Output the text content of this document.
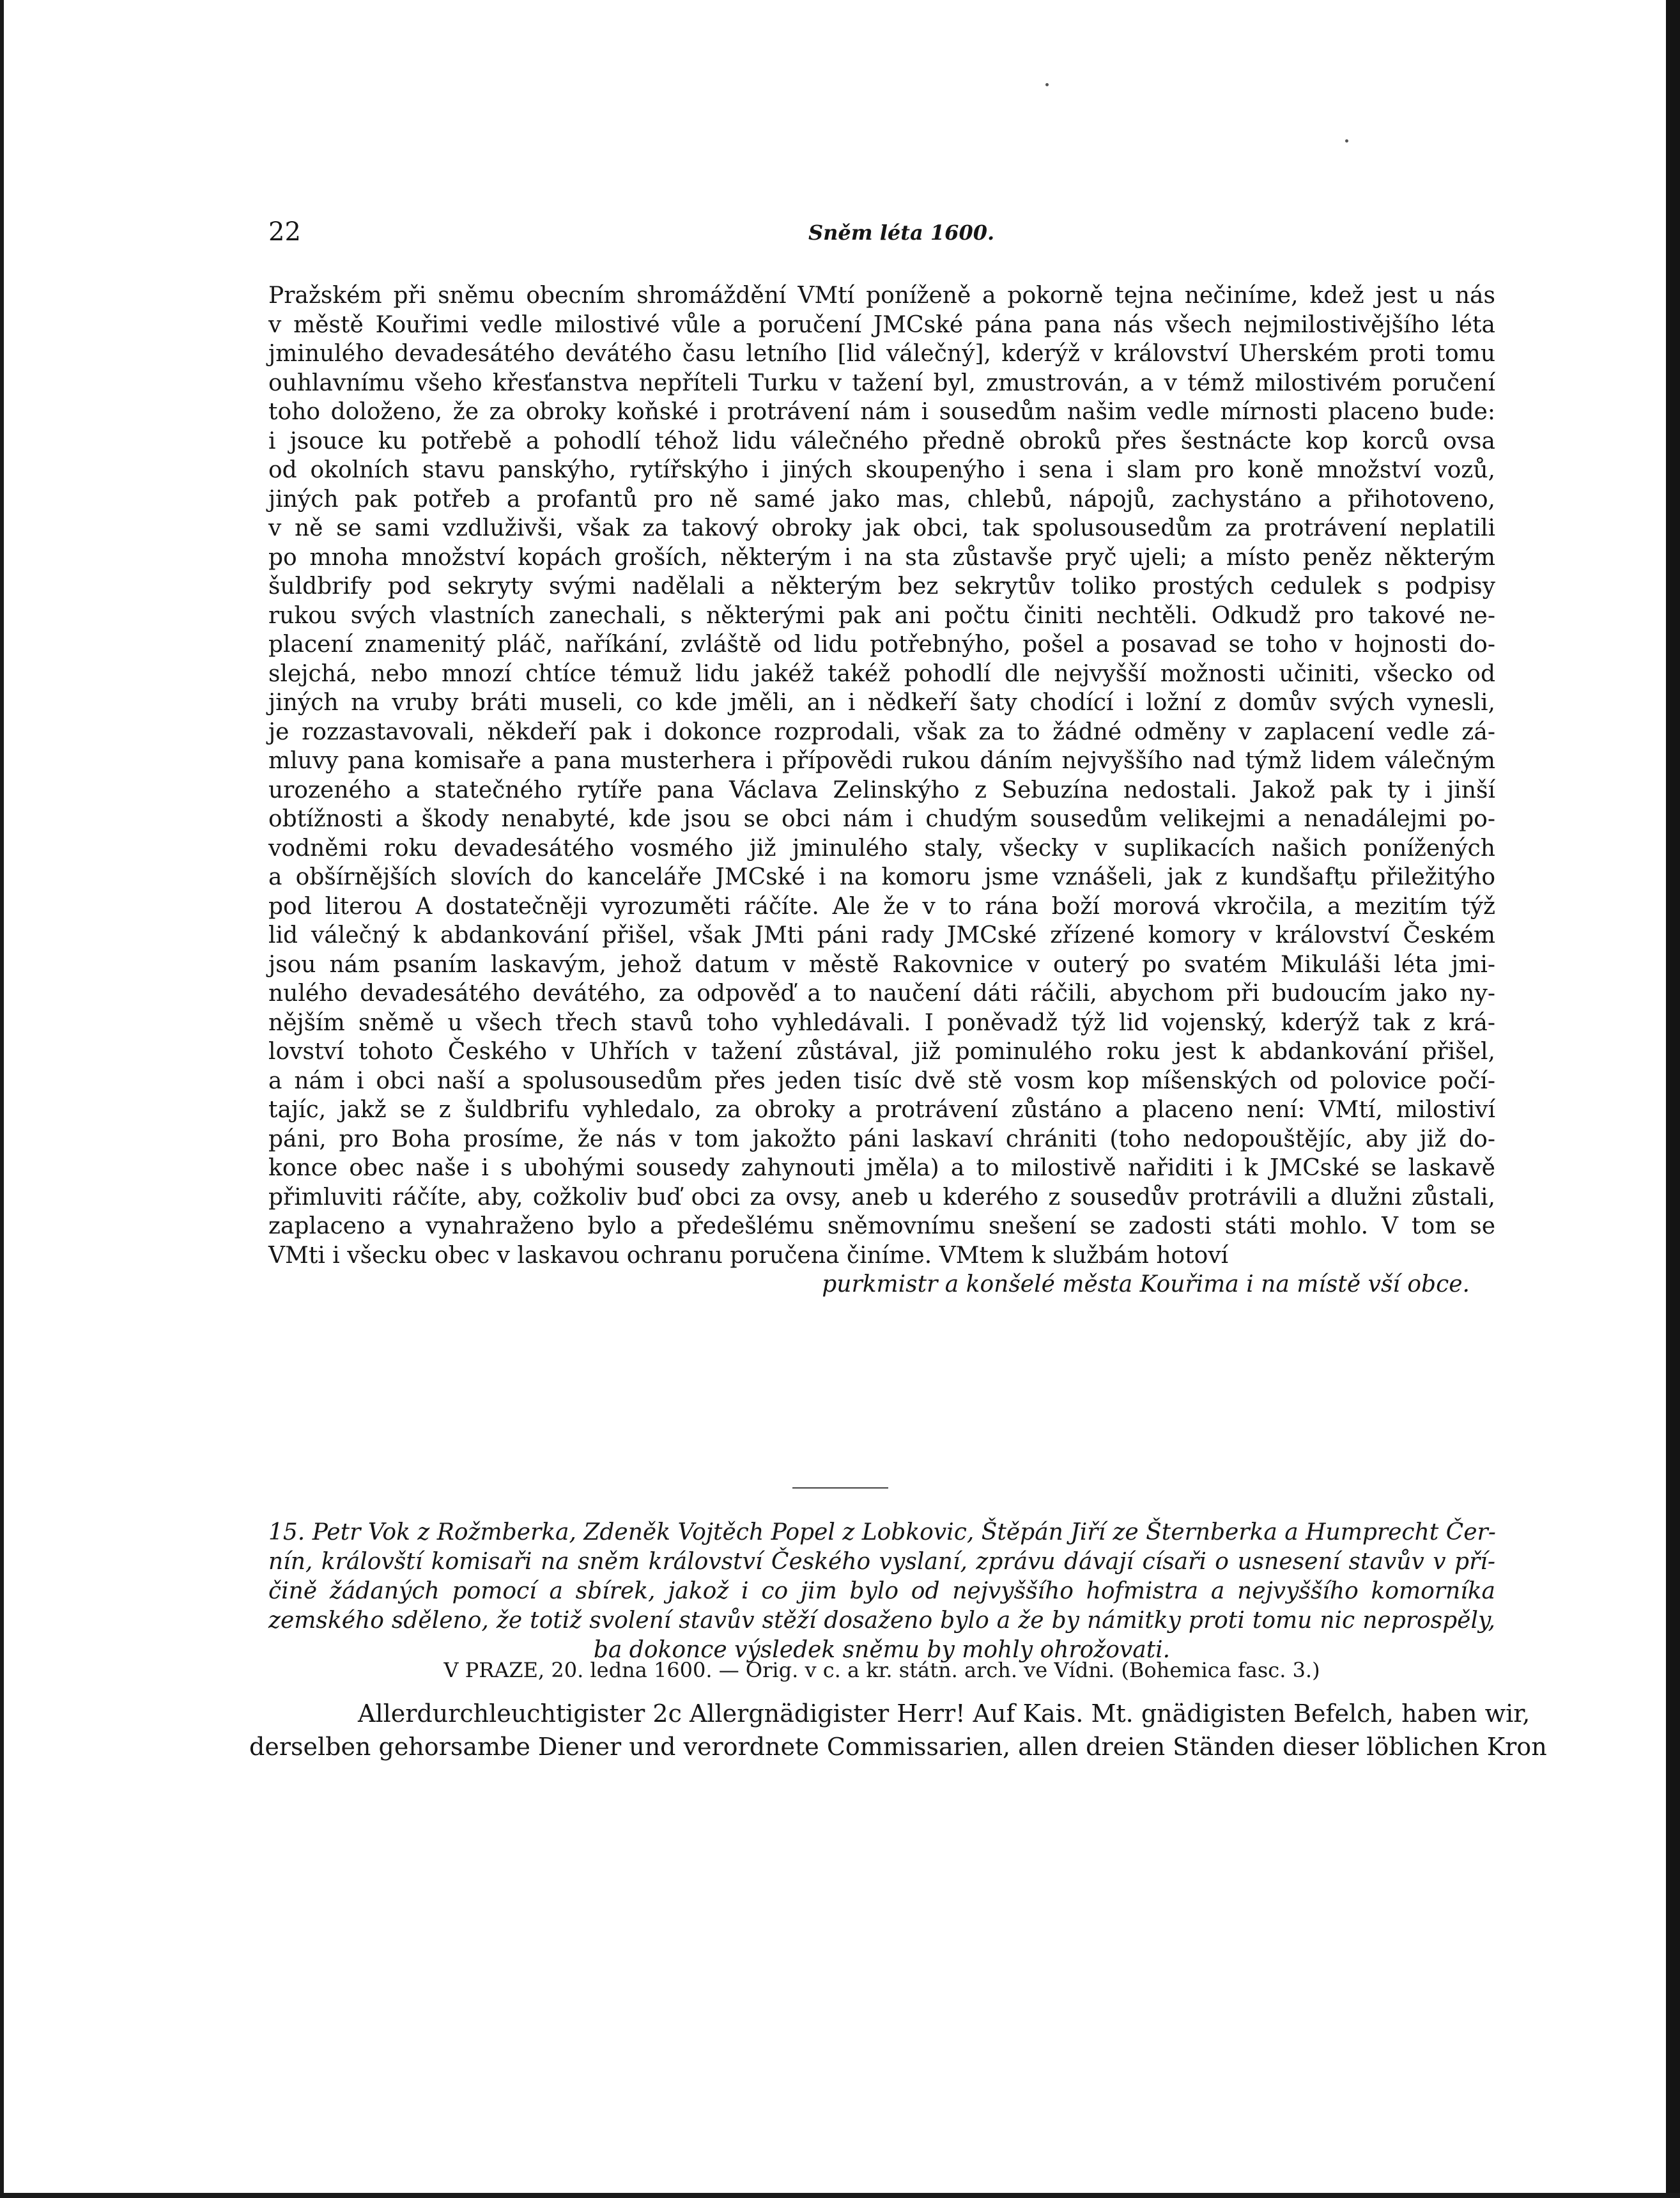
22	Sněm léta 1600.
Pražském při sněmu obecním shromáždění VMtí poníženě a pokorně tejna nečiníme, kdež jest u nás
v městě Kouřimi vedle milostivé vůle a poručení JMCské pána pana nás všech nejmilostivějšího léta
jminulého devadesátého devátého času letního [lid válečný], kderýž v království Uherském proti tomu
ouhlavnímu všeho křesťanstva nepříteli Turku v tažení byl, zmustrován, a v témž milostivém poručení
toho doloženo, že za obroky koňské i protrávení nám i sousedům našim vedle mírnosti placeno bude:
i jsouce ku potřebě a pohodlí téhož lidu válečného předně obroků přes šestnácte kop korců ovsa
od okolních stavu panskýho, rytířskýho i jiných skoupenýho i sena i slam pro koně množství vozů,
jiných pak potřeb a profantů pro ně samé jako mas, chlebů, nápojů, zachystáno a přihotoveno,
v ně se sami vzdluživši, však za takový obroky jak obci, tak spolusousedům za protrávení neplatili
po mnoha množství kopách groších, některým i na sta zůstavše pryč ujeli; a místo peněz některým
šuldbrify pod sekryty svými nadělali a některým bez sekrytův toliko prostých cedulek s podpisy
rukou svých vlastních zanechali, s některými pak ani počtu činiti nechtěli. Odkudž pro takové ne-
placení znamenitý pláč, naříkání, zvláště od lidu potřebnýho, pošel a posavad se toho v hojnosti do-
slejchá, nebo mnozí chtíce témuž lidu jakéž takéž pohodlí dle nejvyšší možnosti učiniti, všecko od
jiných na vruby bráti museli, co kde jměli, an i nědkeří šaty chodící i ložní z domův svých vynesli,
je rozzastavovali, někdeří pak i dokonce rozprodali, však za to žádné odměny v zaplacení vedle zá-
mluvy pana komisaře a pana musterhera i přípovědi rukou dáním nejvyššího nad týmž lidem válečným
urozeného a statečného rytíře pana Václava Zelinskýho z Sebuzína nedostali. Jakož pak ty i jinší
obtížnosti a škody nenabyté, kde jsou se obci nám i chudým sousedům velikejmi a nenadálejmi po-
vodněmi roku devadesátého vosmého již jminulého staly, všecky v suplikacích našich ponížených
a obšírnějších slovích do kanceláře JMCské i na komoru jsme vznášeli, jak z kundšaftu přiležitýho
pod literou A dostatečněji vyrozuměti ráčíte. Ale že v to rána boží morová vkročila, a mezitím týž
lid válečný k abdankování přišel, však JMti páni rady JMCské zřízené komory v království Českém
jsou nám psaním laskavým, jehož datum v městě Rakovnice v outerý po svatém Mikuláši léta jmi-
nulého devadesátého devátého, za odpověď a to naučení dáti ráčili, abychom při budoucím jako ny-
nějším sněmě u všech třech stavů toho vyhledávali. I poněvadž týž lid vojenský, kderýž tak z krá-
lovství tohoto Českého v Uhřích v tažení zůstával, již pominulého roku jest k abdankování přišel,
a nám i obci naší a spolusousedům přes jeden tisíc dvě stě vosm kop míšenských od polovice počí-
tajíc, jakž se z šuldbrifu vyhledalo, za obroky a protrávení zůstáno a placeno není: VMtí, milostiví
páni, pro Boha prosíme, že nás v tom jakožto páni laskaví chrániti (toho nedopouštějíc, aby již do-
konce obec naše i s ubohými sousedy zahynouti jměla) a to milostivě nařiditi i k JMCské se laskavě
přimluviti ráčíte, aby, cožkoliv buď obci za ovsy, aneb u kderého z sousedův protrávili a dlužni zůstali,
zaplaceno a vynahraženo bylo a předešlému sněmovnímu snešení se zadosti státi mohlo. V tom se
VMti i všecku obec v laskavou ochranu poručena činíme. VMtem k službám hotoví
purkmistr a konšelé města Kouřima i na místě vší obce.
15. Petr Vok z Rožmberka, Zdeněk Vojtěch Popel z Lobkovic, Štěpán Jiří ze Šternberka a Humprecht Čer-
nín, královští komisaři na sněm království Českého vyslaní, zprávu dávají císaři o usnesení stavův v pří-
čině žádaných pomocí a sbírek, jakož i co jim bylo od nejvyššího hofmistra a nejvyššího komorníka
zemského sděleno, že totiž svolení stavův stěží dosaženo bylo a že by námitky proti tomu nic neprospěly,
ba dokonce výsledek sněmu by mohly ohrožovati.
V PRAZE, 20. ledna 1600. — Orig. v c. a kr. státn. arch. ve Vídni. (Bohemica fasc. 3.)
Allerdurchleuchtigister 2c Allergnädigister Herr! Auf Kais. Mt. gnädigisten Befelch, haben wir,
derselben gehorsambe Diener und verordnete Commissarien, allen dreien Ständen dieser löblichen Kron
